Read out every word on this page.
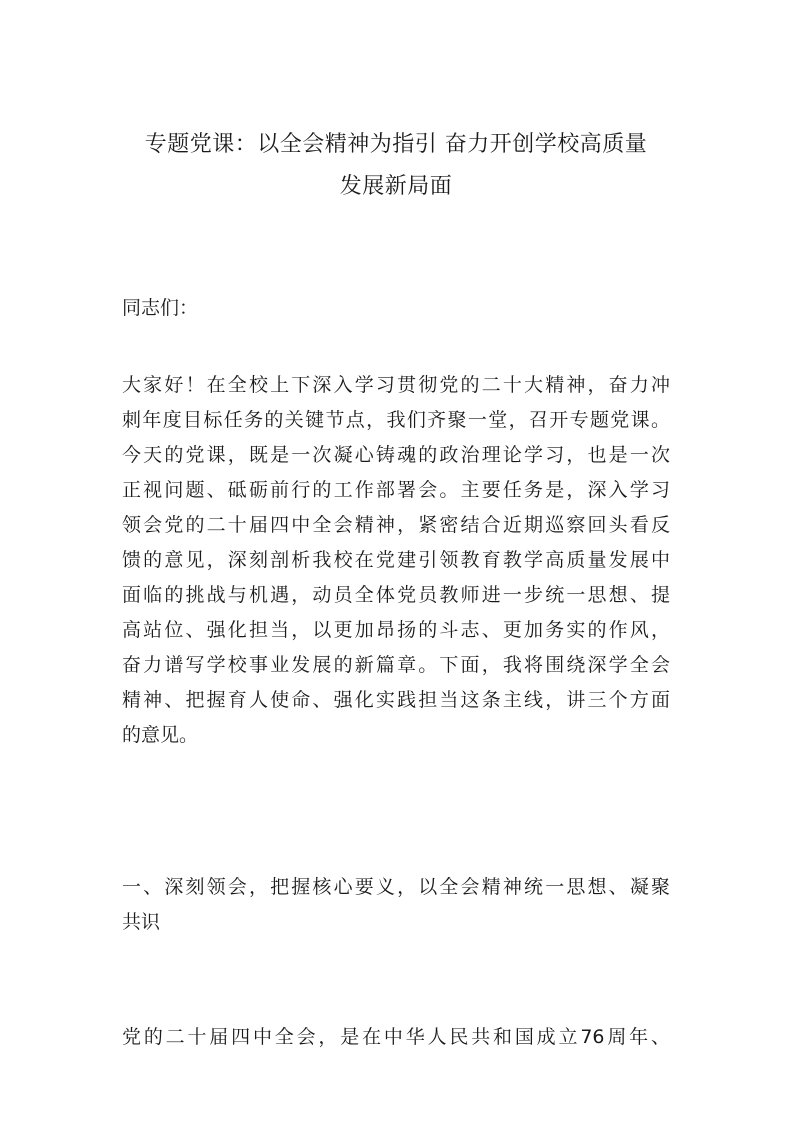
专题党课：以全会精神为指引 奋力开创学校高质量
发展新局面

同志们：

大家好！在全校上下深入学习贯彻党的二十大精神，奋力冲
刺年度目标任务的关键节点，我们齐聚一堂，召开专题党课。
今天的党课，既是一次凝心铸魂的政治理论学习，也是一次
正视问题、砥砺前行的工作部署会。主要任务是，深入学习
领会党的二十届四中全会精神，紧密结合近期巡察回头看反
馈的意见，深刻剖析我校在党建引领教育教学高质量发展中
面临的挑战与机遇，动员全体党员教师进一步统一思想、提
高站位、强化担当，以更加昂扬的斗志、更加务实的作风，
奋力谱写学校事业发展的新篇章。下面，我将围绕深学全会
精神、把握育人使命、强化实践担当这条主线，讲三个方面
的意见。

一、深刻领会，把握核心要义，以全会精神统一思想、凝聚
共识

党的二十届四中全会，是在中华人民共和国成立76周年、
